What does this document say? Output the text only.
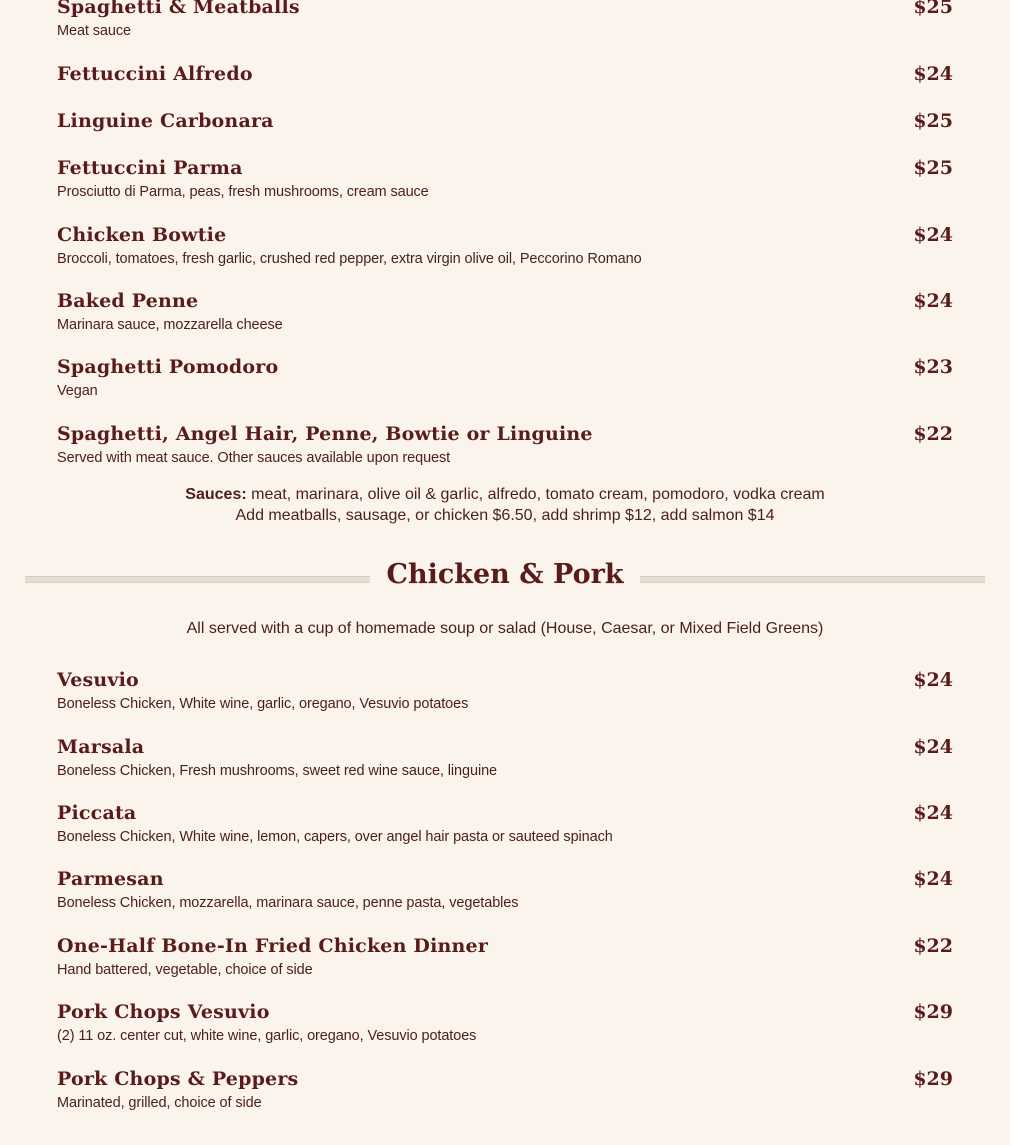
Spaghetti & Meatballs	$25
Meat sauce
Fettuccini Alfredo	$24
Linguine Carbonara	$25
Fettuccini Parma	$25
Prosciutto di Parma, peas, fresh mushrooms, cream sauce
Chicken Bowtie	$24
Broccoli, tomatoes, fresh garlic, crushed red pepper, extra virgin olive oil, Peccorino Romano
Baked Penne	$24
Marinara sauce, mozzarella cheese
Spaghetti Pomodoro	$23
Vegan
Spaghetti, Angel Hair, Penne, Bowtie or Linguine	$22
Served with meat sauce. Other sauces available upon request
Sauces: meat, marinara, olive oil & garlic, alfredo, tomato cream, pomodoro, vodka cream
Add meatballs, sausage, or chicken $6.50, add shrimp $12, add salmon $14
Chicken & Pork
All served with a cup of homemade soup or salad (House, Caesar, or Mixed Field Greens)
Vesuvio	$24
Boneless Chicken, White wine, garlic, oregano, Vesuvio potatoes
Marsala	$24
Boneless Chicken, Fresh mushrooms, sweet red wine sauce, linguine
Piccata	$24
Boneless Chicken, White wine, lemon, capers, over angel hair pasta or sauteed spinach
Parmesan	$24
Boneless Chicken, mozzarella, marinara sauce, penne pasta, vegetables
One-Half Bone-In Fried Chicken Dinner	$22
Hand battered, vegetable, choice of side
Pork Chops Vesuvio	$29
(2) 11 oz. center cut, white wine, garlic, oregano, Vesuvio potatoes
Pork Chops & Peppers	$29
Marinated, grilled, choice of side
